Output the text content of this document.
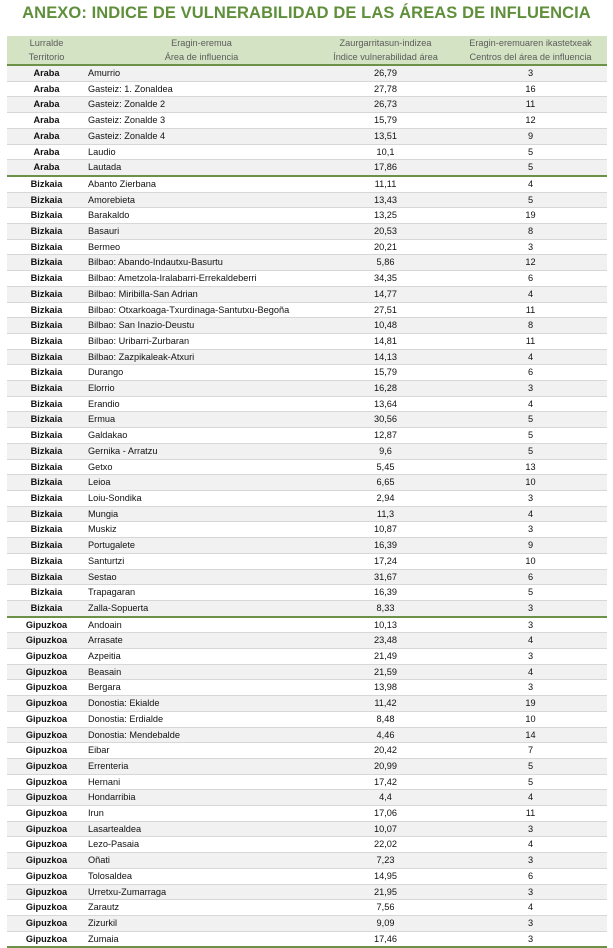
ANEXO: INDICE DE VULNERABILIDAD DE LAS ÁREAS DE INFLUENCIA
Lurralde	Eragin-eremua	Zaurgarritasun-indizea	Eragin-eremuaren ikastetxeak
Territorio	Área de influencia	Índice vulnerabilidad área	Centros del área de influencia
Araba	Amurrio	26,79	3
Araba	Gasteiz: 1. Zonaldea	27,78	16
Araba	Gasteiz: Zonalde 2	26,73	11
Araba	Gasteiz: Zonalde 3	15,79	12
Araba	Gasteiz: Zonalde 4	13,51	9
Araba	Laudio	10,1	5
Araba	Lautada	17,86	5
Bizkaia	Abanto Zierbana	11,11	4
Bizkaia	Amorebieta	13,43	5
Bizkaia	Barakaldo	13,25	19
Bizkaia	Basauri	20,53	8
Bizkaia	Bermeo	20,21	3
Bizkaia	Bilbao: Abando-Indautxu-Basurtu	5,86	12
Bizkaia	Bilbao: Ametzola-Iralabarri-Errekaldeberri	34,35	6
Bizkaia	Bilbao: Miribilla-San Adrian	14,77	4
Bizkaia	Bilbao: Otxarkoaga-Txurdinaga-Santutxu-Begoña	27,51	11
Bizkaia	Bilbao: San Inazio-Deustu	10,48	8
Bizkaia	Bilbao: Uribarri-Zurbaran	14,81	11
Bizkaia	Bilbao: Zazpikaleak-Atxuri	14,13	4
Bizkaia	Durango	15,79	6
Bizkaia	Elorrio	16,28	3
Bizkaia	Erandio	13,64	4
Bizkaia	Ermua	30,56	5
Bizkaia	Galdakao	12,87	5
Bizkaia	Gernika - Arratzu	9,6	5
Bizkaia	Getxo	5,45	13
Bizkaia	Leioa	6,65	10
Bizkaia	Loiu-Sondika	2,94	3
Bizkaia	Mungia	11,3	4
Bizkaia	Muskiz	10,87	3
Bizkaia	Portugalete	16,39	9
Bizkaia	Santurtzi	17,24	10
Bizkaia	Sestao	31,67	6
Bizkaia	Trapagaran	16,39	5
Bizkaia	Zalla-Sopuerta	8,33	3
Gipuzkoa	Andoain	10,13	3
Gipuzkoa	Arrasate	23,48	4
Gipuzkoa	Azpeitia	21,49	3
Gipuzkoa	Beasain	21,59	4
Gipuzkoa	Bergara	13,98	3
Gipuzkoa	Donostia: Ekialde	11,42	19
Gipuzkoa	Donostia: Erdialde	8,48	10
Gipuzkoa	Donostia: Mendebalde	4,46	14
Gipuzkoa	Eibar	20,42	7
Gipuzkoa	Errenteria	20,99	5
Gipuzkoa	Hernani	17,42	5
Gipuzkoa	Hondarribia	4,4	4
Gipuzkoa	Irun	17,06	11
Gipuzkoa	Lasartealdea	10,07	3
Gipuzkoa	Lezo-Pasaia	22,02	4
Gipuzkoa	Oñati	7,23	3
Gipuzkoa	Tolosaldea	14,95	6
Gipuzkoa	Urretxu-Zumarraga	21,95	3
Gipuzkoa	Zarautz	7,56	4
Gipuzkoa	Zizurkil	9,09	3
Gipuzkoa	Zumaia	17,46	3
